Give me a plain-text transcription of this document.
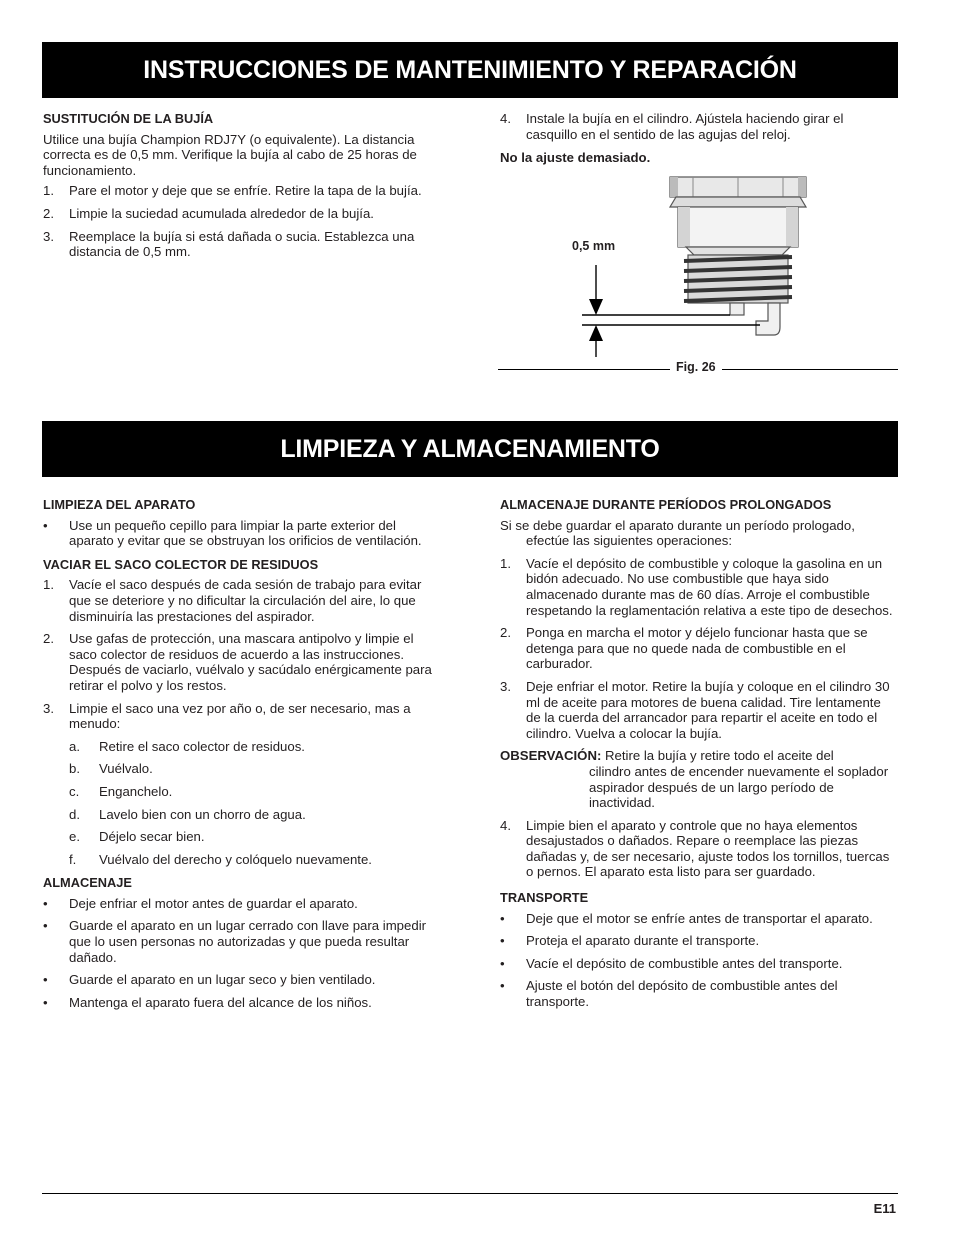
INSTRUCCIONES DE MANTENIMIENTO Y REPARACIÓN
SUSTITUCIÓN DE LA BUJÍA
Utilice una bujía Champion RDJ7Y (o equivalente). La distancia correcta es de 0,5 mm. Verifique la bujía al cabo de 25 horas de funcionamiento.
1. Pare el motor y deje que se enfríe. Retire la tapa de la bujía.
2. Limpie la suciedad acumulada alrededor de la bujía.
3. Reemplace la bujía si está dañada o sucia. Establezca una distancia de 0,5 mm.
4. Instale la bujía en el cilindro. Ajústela haciendo girar el casquillo en el sentido de las agujas del reloj.
No la ajuste demasiado.
0,5 mm
Fig. 26
LIMPIEZA Y ALMACENAMIENTO
LIMPIEZA DEL APARATO
• Use un pequeño cepillo para limpiar la parte exterior del aparato y evitar que se obstruyan los orificios de ventilación.
VACIAR EL SACO COLECTOR DE RESIDUOS
1. Vacíe el saco después de cada sesión de trabajo para evitar que se deteriore y no dificultar la circulación del aire, lo que disminuiría las prestaciones del aspirador.
2. Use gafas de protección, una mascara antipolvo y limpie el saco colector de residuos de acuerdo a las instrucciones. Después de vaciarlo, vuélvalo y sacúdalo enérgicamente para retirar el polvo y los restos.
3. Limpie el saco una vez por año o, de ser necesario, mas a menudo:
a. Retire el saco colector de residuos.
b. Vuélvalo.
c. Enganchelo.
d. Lavelo bien con un chorro de agua.
e. Déjelo secar bien.
f. Vuélvalo del derecho y colóquelo nuevamente.
ALMACENAJE
• Deje enfriar el motor antes de guardar el aparato.
• Guarde el aparato en un lugar cerrado con llave para impedir que lo usen personas no autorizadas y que pueda resultar dañado.
• Guarde el aparato en un lugar seco y bien ventilado.
• Mantenga el aparato fuera del alcance de los niños.
ALMACENAJE DURANTE PERÍODOS PROLONGADOS
Si se debe guardar el aparato durante un período prologado, efectúe las siguientes operaciones:
1. Vacíe el depósito de combustible y coloque la gasolina en un bidón adecuado. No use combustible que haya sido almacenado durante mas de 60 días. Arroje el combustible respetando la reglamentación relativa a este tipo de desechos.
2. Ponga en marcha el motor y déjelo funcionar hasta que se detenga para que no quede nada de combustible en el carburador.
3. Deje enfriar el motor. Retire la bujía y coloque en el cilindro 30 ml de aceite para motores de buena calidad. Tire lentamente de la cuerda del arrancador para repartir el aceite en todo el cilindro. Vuelva a colocar la bujía.
OBSERVACIÓN: Retire la bujía y retire todo el aceite del
cilindro antes de encender nuevamente el soplador aspirador después de un largo período de inactividad.
4. Limpie bien el aparato y controle que no haya elementos desajustados o dañados. Repare o reemplace las piezas dañadas y, de ser necesario, ajuste todos los tornillos, tuercas o pernos. El aparato esta listo para ser guardado.
TRANSPORTE
• Deje que el motor se enfríe antes de transportar el aparato.
• Proteja el aparato durante el transporte.
• Vacíe el depósito de combustible antes del transporte.
• Ajuste el botón del depósito de combustible antes del transporte.
E11
